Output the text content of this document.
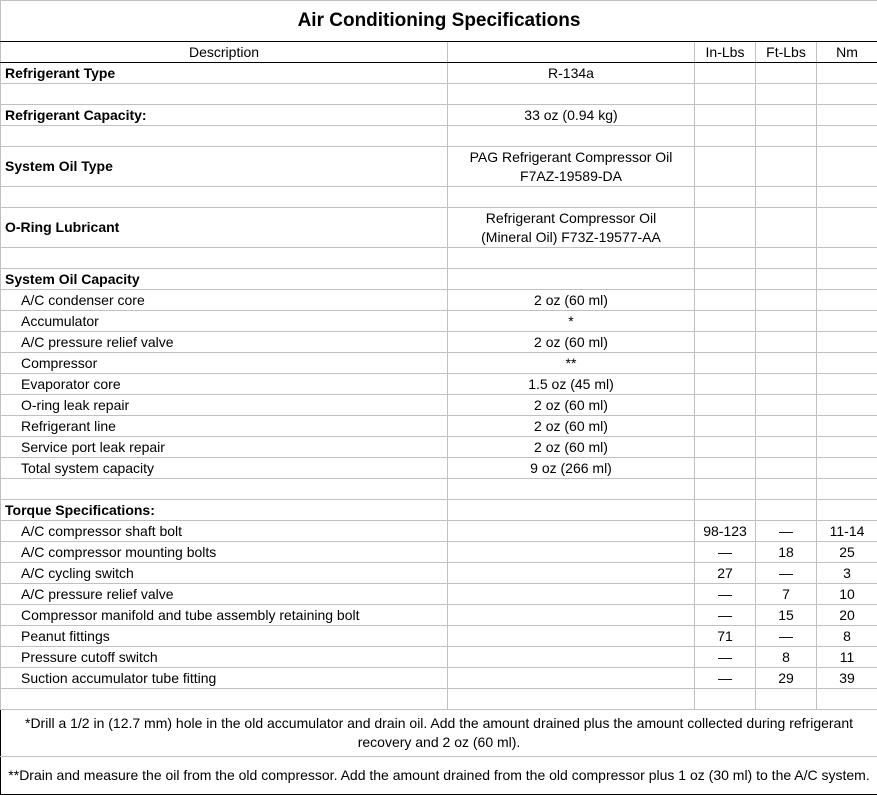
Air Conditioning Specifications				
Description		In-Lbs	Ft-Lbs	Nm
Refrigerant Type	R-134a			

Refrigerant Capacity:	33 oz (0.94 kg)			

System Oil Type	PAG Refrigerant Compressor Oil
F7AZ-19589-DA			

O-Ring Lubricant	Refrigerant Compressor Oil
(Mineral Oil) F73Z-19577-AA			

System Oil Capacity				
A/C condenser core	2 oz (60 ml)			
Accumulator	*			
A/C pressure relief valve	2 oz (60 ml)			
Compressor	**			
Evaporator core	1.5 oz (45 ml)			
O-ring leak repair	2 oz (60 ml)			
Refrigerant line	2 oz (60 ml)			
Service port leak repair	2 oz (60 ml)			
Total system capacity	9 oz (266 ml)			

Torque Specifications:				
A/C compressor shaft bolt		98-123	—	11-14
A/C compressor mounting bolts		—	18	25
A/C cycling switch		27	—	3
A/C pressure relief valve		—	7	10
Compressor manifold and tube assembly retaining bolt		—	15	20
Peanut fittings		71	—	8
Pressure cutoff switch		—	8	11
Suction accumulator tube fitting		—	29	39

*Drill a 1/2 in (12.7 mm) hole in the old accumulator and drain oil. Add the amount drained plus the amount collected during refrigerant recovery and 2 oz (60 ml).				
**Drain and measure the oil from the old compressor. Add the amount drained from the old compressor plus 1 oz (30 ml) to the A/C system.				
